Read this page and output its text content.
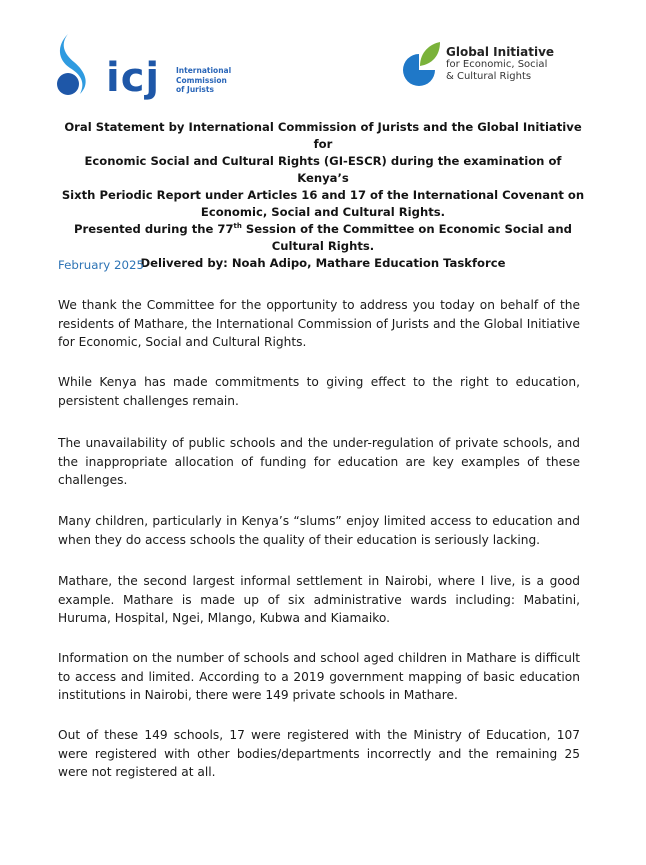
icj International
Commission
of Jurists
Global Initiative
for Economic, Social
& Cultural Rights

Oral Statement by International Commission of Jurists and the Global Initiative for

Economic Social and Cultural Rights (GI-ESCR) during the examination of Kenya’s

Sixth Periodic Report under Articles 16 and 17 of the International Covenant on

Economic, Social and Cultural Rights.

Presented during the 77th Session of the Committee on Economic Social and Cultural Rights.

Delivered by: Noah Adipo, Mathare Education Taskforce

February 2025

We thank the Committee for the opportunity to address you today on behalf of the residents of Mathare, the International Commission of Jurists and the Global Initiative for Economic, Social and Cultural Rights.

While Kenya has made commitments to giving effect to the right to education, persistent challenges remain.

The unavailability of public schools and the under-regulation of private schools, and the inappropriate allocation of funding for education are key examples of these challenges.

Many children, particularly in Kenya’s “slums” enjoy limited access to education and when they do access schools the quality of their education is seriously lacking.

Mathare, the second largest informal settlement in Nairobi, where I live, is a good example. Mathare is made up of six administrative wards including: Mabatini, Huruma, Hospital, Ngei, Mlango, Kubwa and Kiamaiko.

Information on the number of schools and school aged children in Mathare is difficult to access and limited. According to a 2019 government mapping of basic education institutions in Nairobi, there were 149 private schools in Mathare.

Out of these 149 schools, 17 were registered with the Ministry of Education, 107 were registered with other bodies/departments incorrectly and the remaining 25 were not registered at all.
